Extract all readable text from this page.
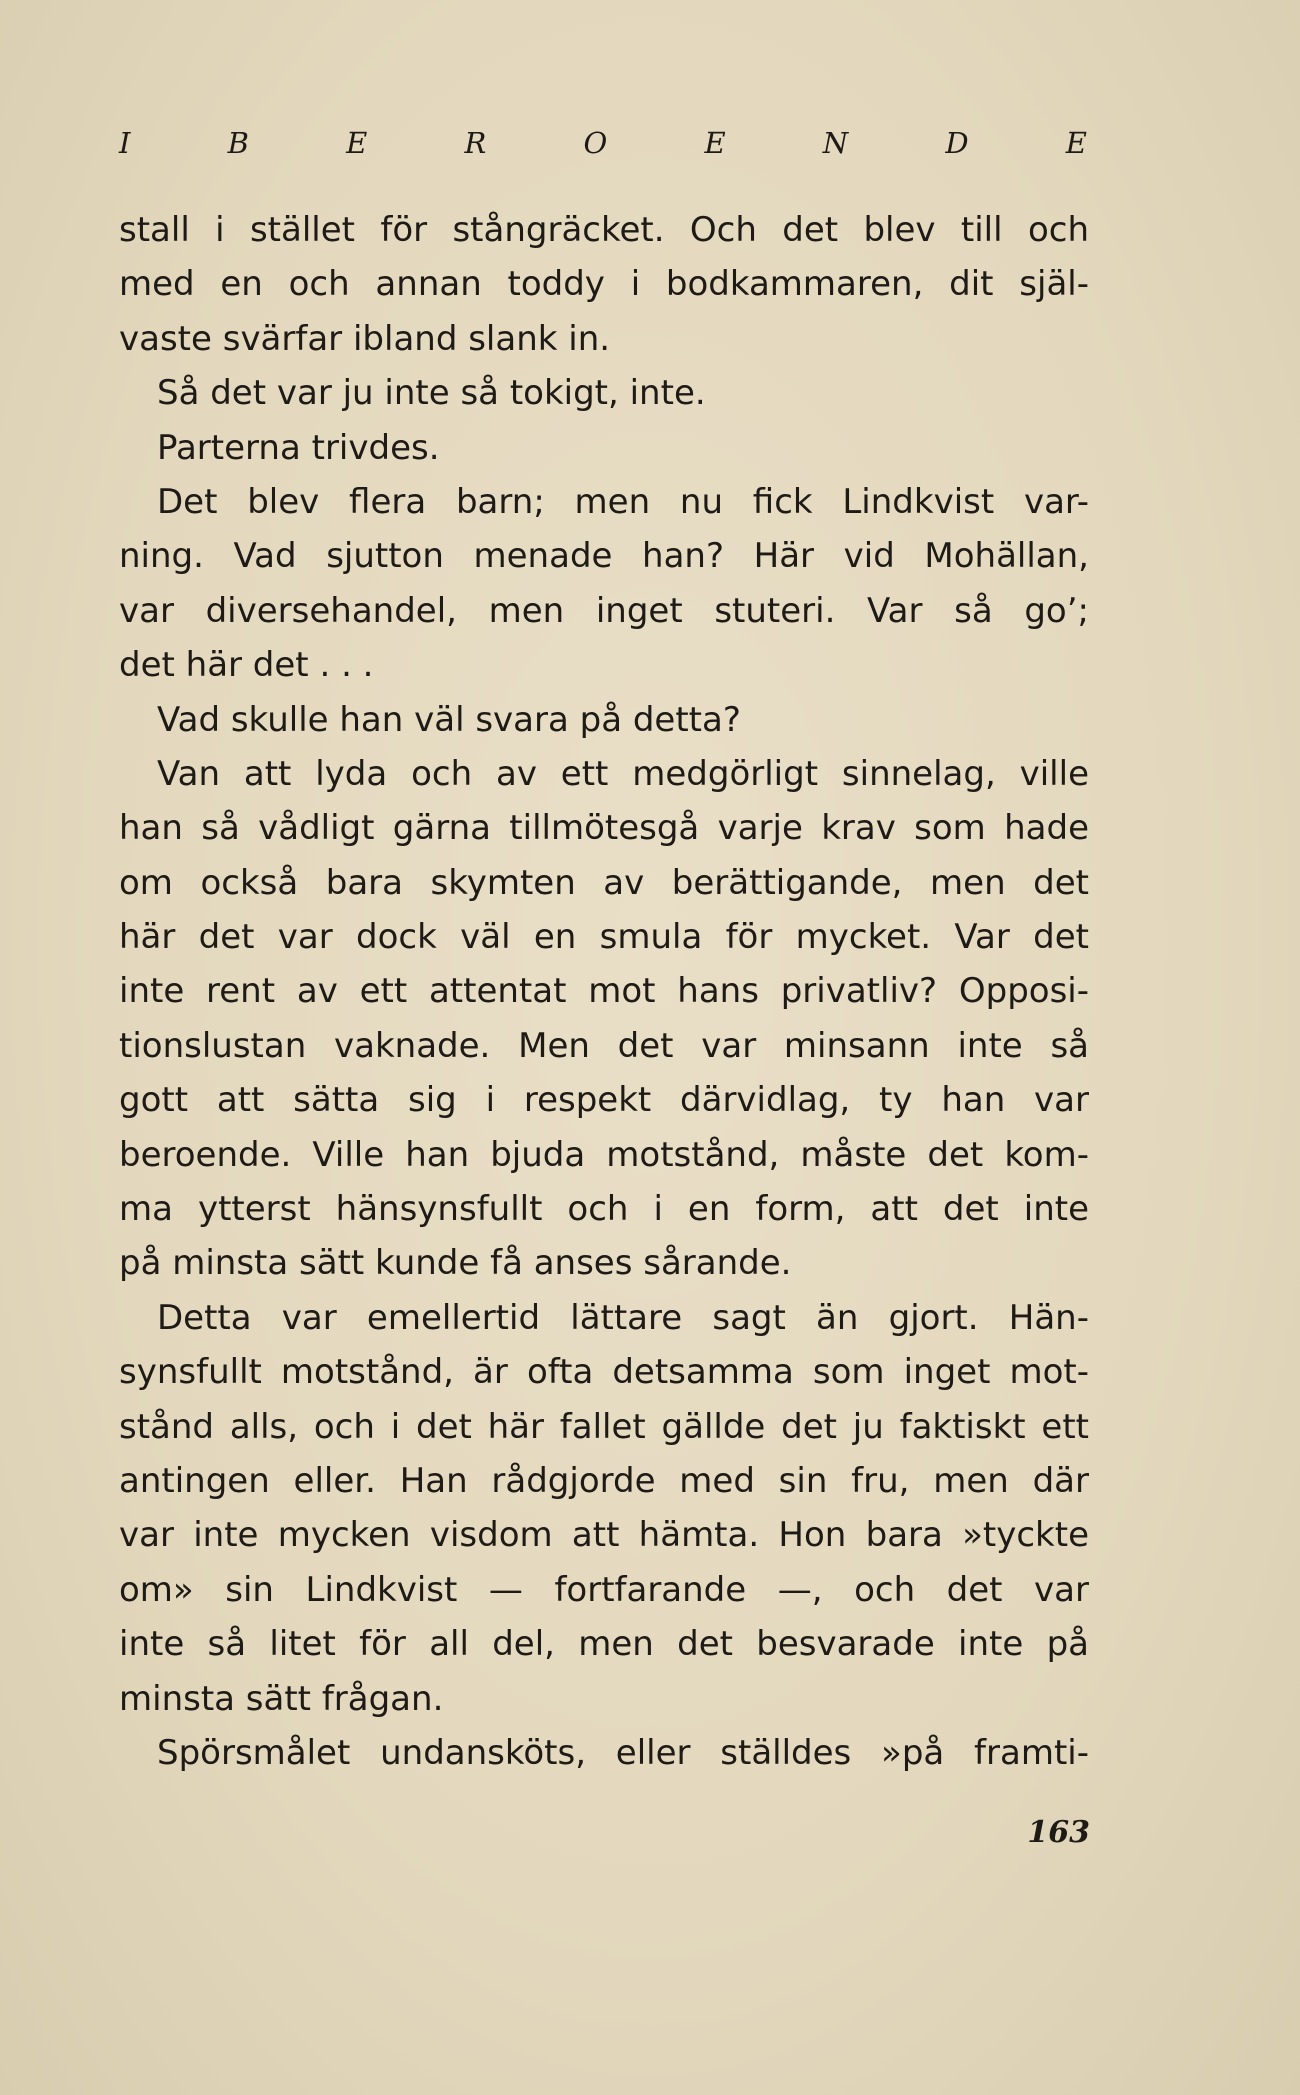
I	B	E	R	O	E	N	D	E
stall i stället för stångräcket. Och det blev till och
med en och annan toddy i bodkammaren, dit själ-
vaste svärfar ibland slank in.
Så det var ju inte så tokigt, inte.
Parterna trivdes.
Det blev flera barn; men nu fick Lindkvist var-
ning. Vad sjutton menade han? Här vid Mohällan,
var diversehandel, men inget stuteri. Var så go’;
det här det . . .
Vad skulle han väl svara på detta?
Van att lyda och av ett medgörligt sinnelag, ville
han så vådligt gärna tillmötesgå varje krav som hade
om också bara skymten av berättigande, men det
här det var dock väl en smula för mycket. Var det
inte rent av ett attentat mot hans privatliv? Opposi-
tionslustan vaknade. Men det var minsann inte så
gott att sätta sig i respekt därvidlag, ty han var
beroende. Ville han bjuda motstånd, måste det kom-
ma ytterst hänsynsfullt och i en form, att det inte
på minsta sätt kunde få anses sårande.
Detta var emellertid lättare sagt än gjort. Hän-
synsfullt motstånd, är ofta detsamma som inget mot-
stånd alls, och i det här fallet gällde det ju faktiskt ett
antingen eller. Han rådgjorde med sin fru, men där
var inte mycken visdom att hämta. Hon bara »tyckte
om» sin Lindkvist — fortfarande —, och det var
inte så litet för all del, men det besvarade inte på
minsta sätt frågan.
Spörsmålet undansköts, eller ställdes »på framti-
163
